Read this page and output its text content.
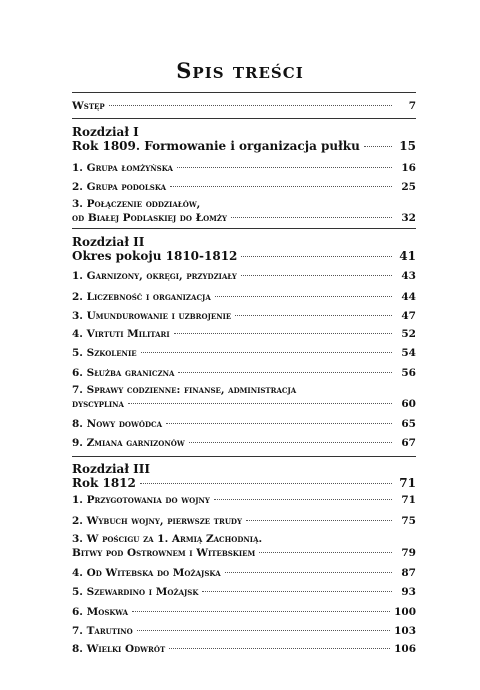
Spis treści
Wstęp	7
Rozdział I
Rok 1809. Formowanie i organizacja pułku	15
1. Grupa łomżyńska	16
2. Grupa podolska	25
3. Połączenie oddziałów,
od Białej Podlaskiej do Łomży	32
Rozdział II
Okres pokoju 1810-1812	41
1. Garnizony, okręgi, przydziały	43
2. Liczebność i organizacja	44
3. Umundurowanie i uzbrojenie	47
4. Virtuti Militari	52
5. Szkolenie	54
6. Służba graniczna	56
7. Sprawy codzienne: finanse, administracja
dyscyplina	60
8. Nowy dowódca	65
9. Zmiana garnizonów	67
Rozdział III
Rok 1812	71
1. Przygotowania do wojny	71
2. Wybuch wojny, pierwsze trudy	75
3. W pościgu za 1. Armią Zachodnią.
Bitwy pod Ostrownem i Witebskiem	79
4. Od Witebska do Możajska	87
5. Szewardino i Możajsk	93
6. Moskwa	100
7. Tarutino	103
8. Wielki Odwrót	106
